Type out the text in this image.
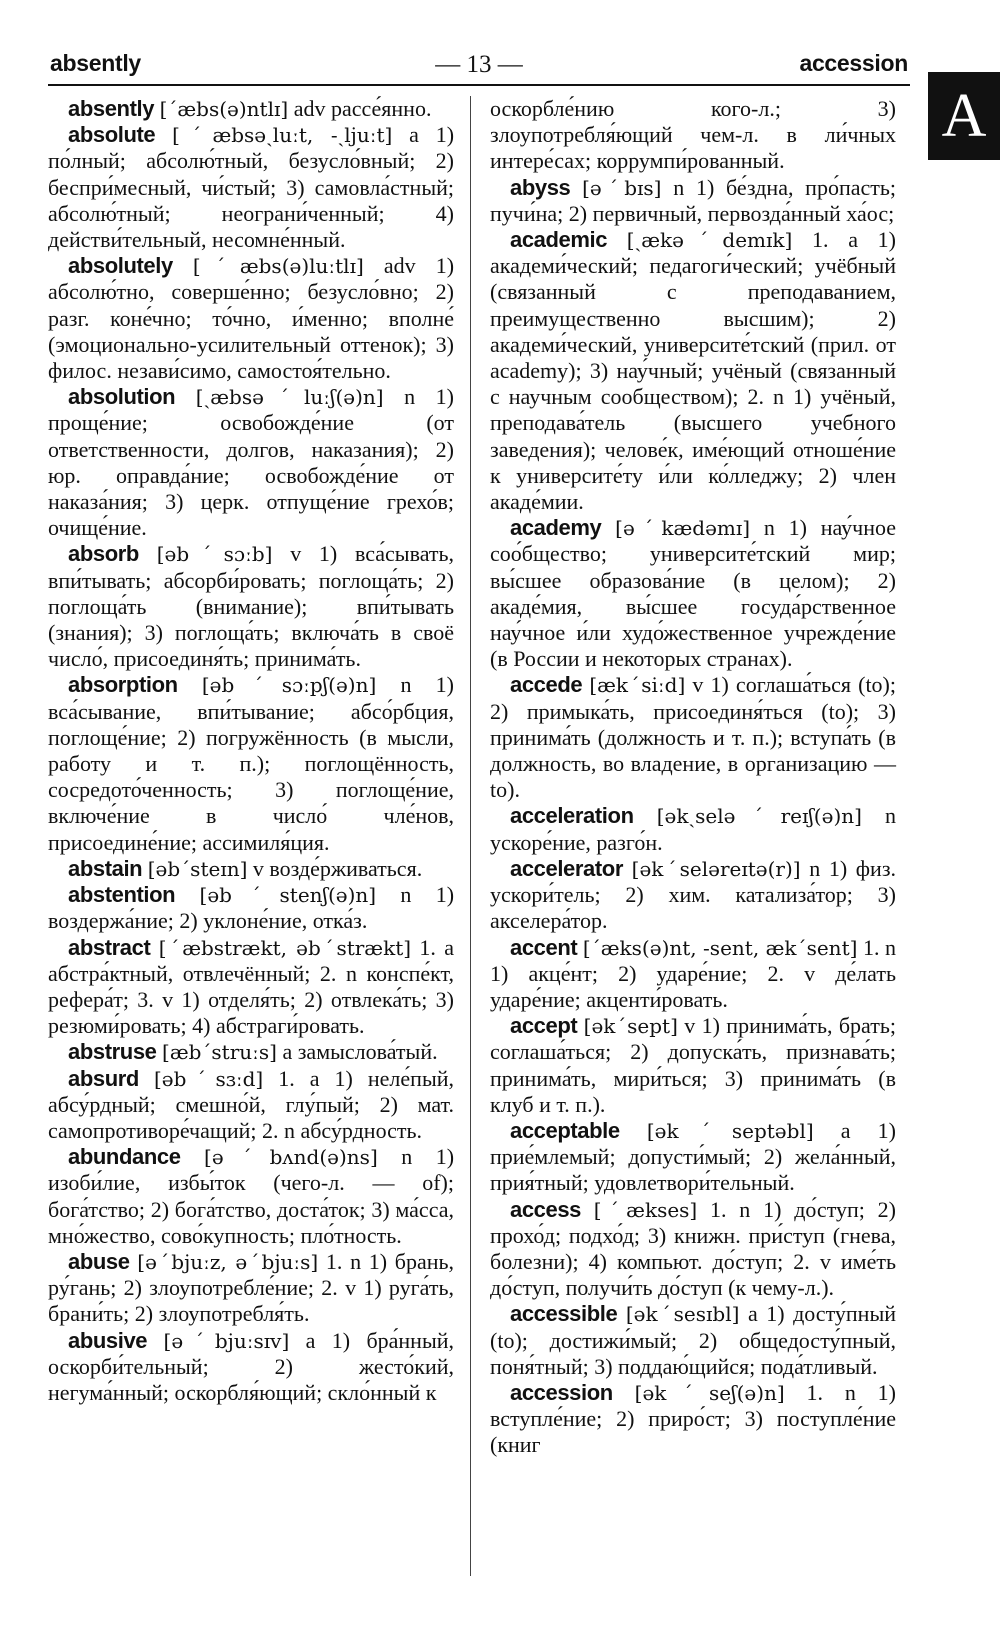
absently	— 13 —	accession
A

absently [ˊæbs(ə)ntlɪ] adv рассе́янно.

absolute [ˊæbsəˏluːt, -ˏljuːt] a 1) по́лный; абсолю́тный, безусло́вный; 2) беспри́месный, чи́стый; 3) самовла́стный; абсолю́тный; неограни́ченный; 4) действи́тельный, несомне́нный.

absolutely [ˊæbs(ə)luːtlɪ] adv 1) абсолю́тно, соверше́нно; безусло́вно; 2) разг. коне́чно; то́чно, и́менно; вполне́ (эмоционально-усилительный оттенок); 3) филос. незави́симо, самостоя́тельно.

absolution [ˏæbsəˊluːʃ(ə)n] n 1) проще́ние; освобожде́ние (от ответственности, долгов, наказания); 2) юр. оправда́ние; освобожде́ние от наказа́ния; 3) церк. отпуще́ние грехо́в; очище́ние.

absorb [əbˊsɔːb] v 1) вса́сывать, впи́тывать; абсорби́ровать; поглоща́ть; 2) поглоща́ть (внимание); впи́тывать (знания); 3) поглоща́ть; включа́ть в своё число́, присоединя́ть; принима́ть.

absorption [əbˊsɔːpʃ(ə)n] n 1) вса́сывание, впи́тывание; абсо́рбция, поглоще́ние; 2) погружённость (в мысли, работу и т. п.); поглощённость, сосредото́ченность; 3) поглоще́ние, включе́ние в число́ чле́нов, присоедине́ние; ассимиля́ция.

abstain [əbˊsteɪn] v возде́рживаться.

abstention [əbˊstenʃ(ə)n] n 1) воздержа́ние; 2) уклоне́ние, отка́з.

abstract [ˊæbstrækt, əbˊstrækt] 1. a абстра́ктный, отвлечённый; 2. n конспе́кт, рефера́т; 3. v 1) отделя́ть; 2) отвлека́ть; 3) резюми́ровать; 4) абстраги́ровать.

abstruse [æbˊstruːs] a замыслова́тый.

absurd [əbˊsɜːd] 1. a 1) неле́пый, абсу́рдный; смешно́й, глу́пый; 2) мат. самопротиворе́чащий; 2. n абсу́рдность.

abundance [əˊbʌnd(ə)ns] n 1) изоби́лие, избы́ток (чего-л. — of); бога́тство; 2) бога́тство, доста́ток; 3) ма́сса, мно́жество, сово́купность; пло́тность.

abuse [əˊbjuːz, əˊbjuːs] 1. n 1) брань, ру́гань; 2) злоупотребле́ние; 2. v 1) руга́ть, брани́ть; 2) злоупотребля́ть.

abusive [əˊbjuːsɪv] a 1) бра́нный, оскорби́тельный; 2) жесто́кий, негума́нный; оскорбля́ющий; скло́нный к

оскорбле́нию кого-л.; 3) злоупотребля́ющий чем-л. в ли́чных интере́сах; коррумпи́рованный.

abyss [əˊbɪs] n 1) бе́здна, про́пасть; пучи́на; 2) первичный, первозда́нный ха́ос;

academic [ˏækəˊdemɪk] 1. a 1) академи́ческий; педагоги́ческий; учёбный (связанный с преподаванием, преимущественно высшим); 2) академи́ческий, университе́тский (прил. от academy); 3) нау́чный; учёный (связанный с научным сообществом); 2. n 1) учёный, преподава́тель (высшего учебного заведения); челове́к, име́ющий отноше́ние к университе́ту и́ли ко́лледжу; 2) член акаде́мии.

academy [əˊkædəmɪ] n 1) нау́чное соо́бщество; университе́тский мир; вы́сшее образова́ние (в целом); 2) акаде́мия, вы́сшее госуда́рственное нау́чное и́ли худо́жественное учрежде́ние (в России и некоторых странах).

accede [ækˊsiːd] v 1) соглаша́ться (to); 2) примыка́ть, присоединя́ться (to); 3) принима́ть (должность и т. п.); вступа́ть (в должность, во владение, в организацию — to).

acceleration [əkˏseləˊreɪʃ(ə)n] n ускоре́ние, разго́н.

accelerator [əkˊseləreɪtə(r)] n 1) физ. ускори́тель; 2) хим. катализа́тор; 3) акселера́тор.

accent [ˊæks(ə)nt, -sent, ækˊsent] 1. n 1) акце́нт; 2) ударе́ние; 2. v де́лать ударе́ние; акценти́ровать.

accept [əkˊsept] v 1) принима́ть, брать; соглаша́ться; 2) допуска́ть, признава́ть; принима́ть, мири́ться; 3) принима́ть (в клуб и т. п.).

acceptable [əkˊseptəbl] a 1) прие́млемый; допусти́мый; 2) жела́нный, прия́тный; удовлетвори́тельный.

access [ˊækses] 1. n 1) до́ступ; 2) прохо́д; подхо́д; 3) книжн. при́ступ (гнева, болезни); 4) компьют. до́ступ; 2. v име́ть до́ступ, получи́ть до́ступ (к чему-л.).

accessible [əkˊsesɪbl] a 1) досту́пный (to); достижи́мый; 2) общедосту́пный, поня́тный; 3) поддаю́щийся; пода́тливый.

accession [əkˊseʃ(ə)n] 1. n 1) вступле́ние; 2) приро́ст; 3) поступле́ние (книг
